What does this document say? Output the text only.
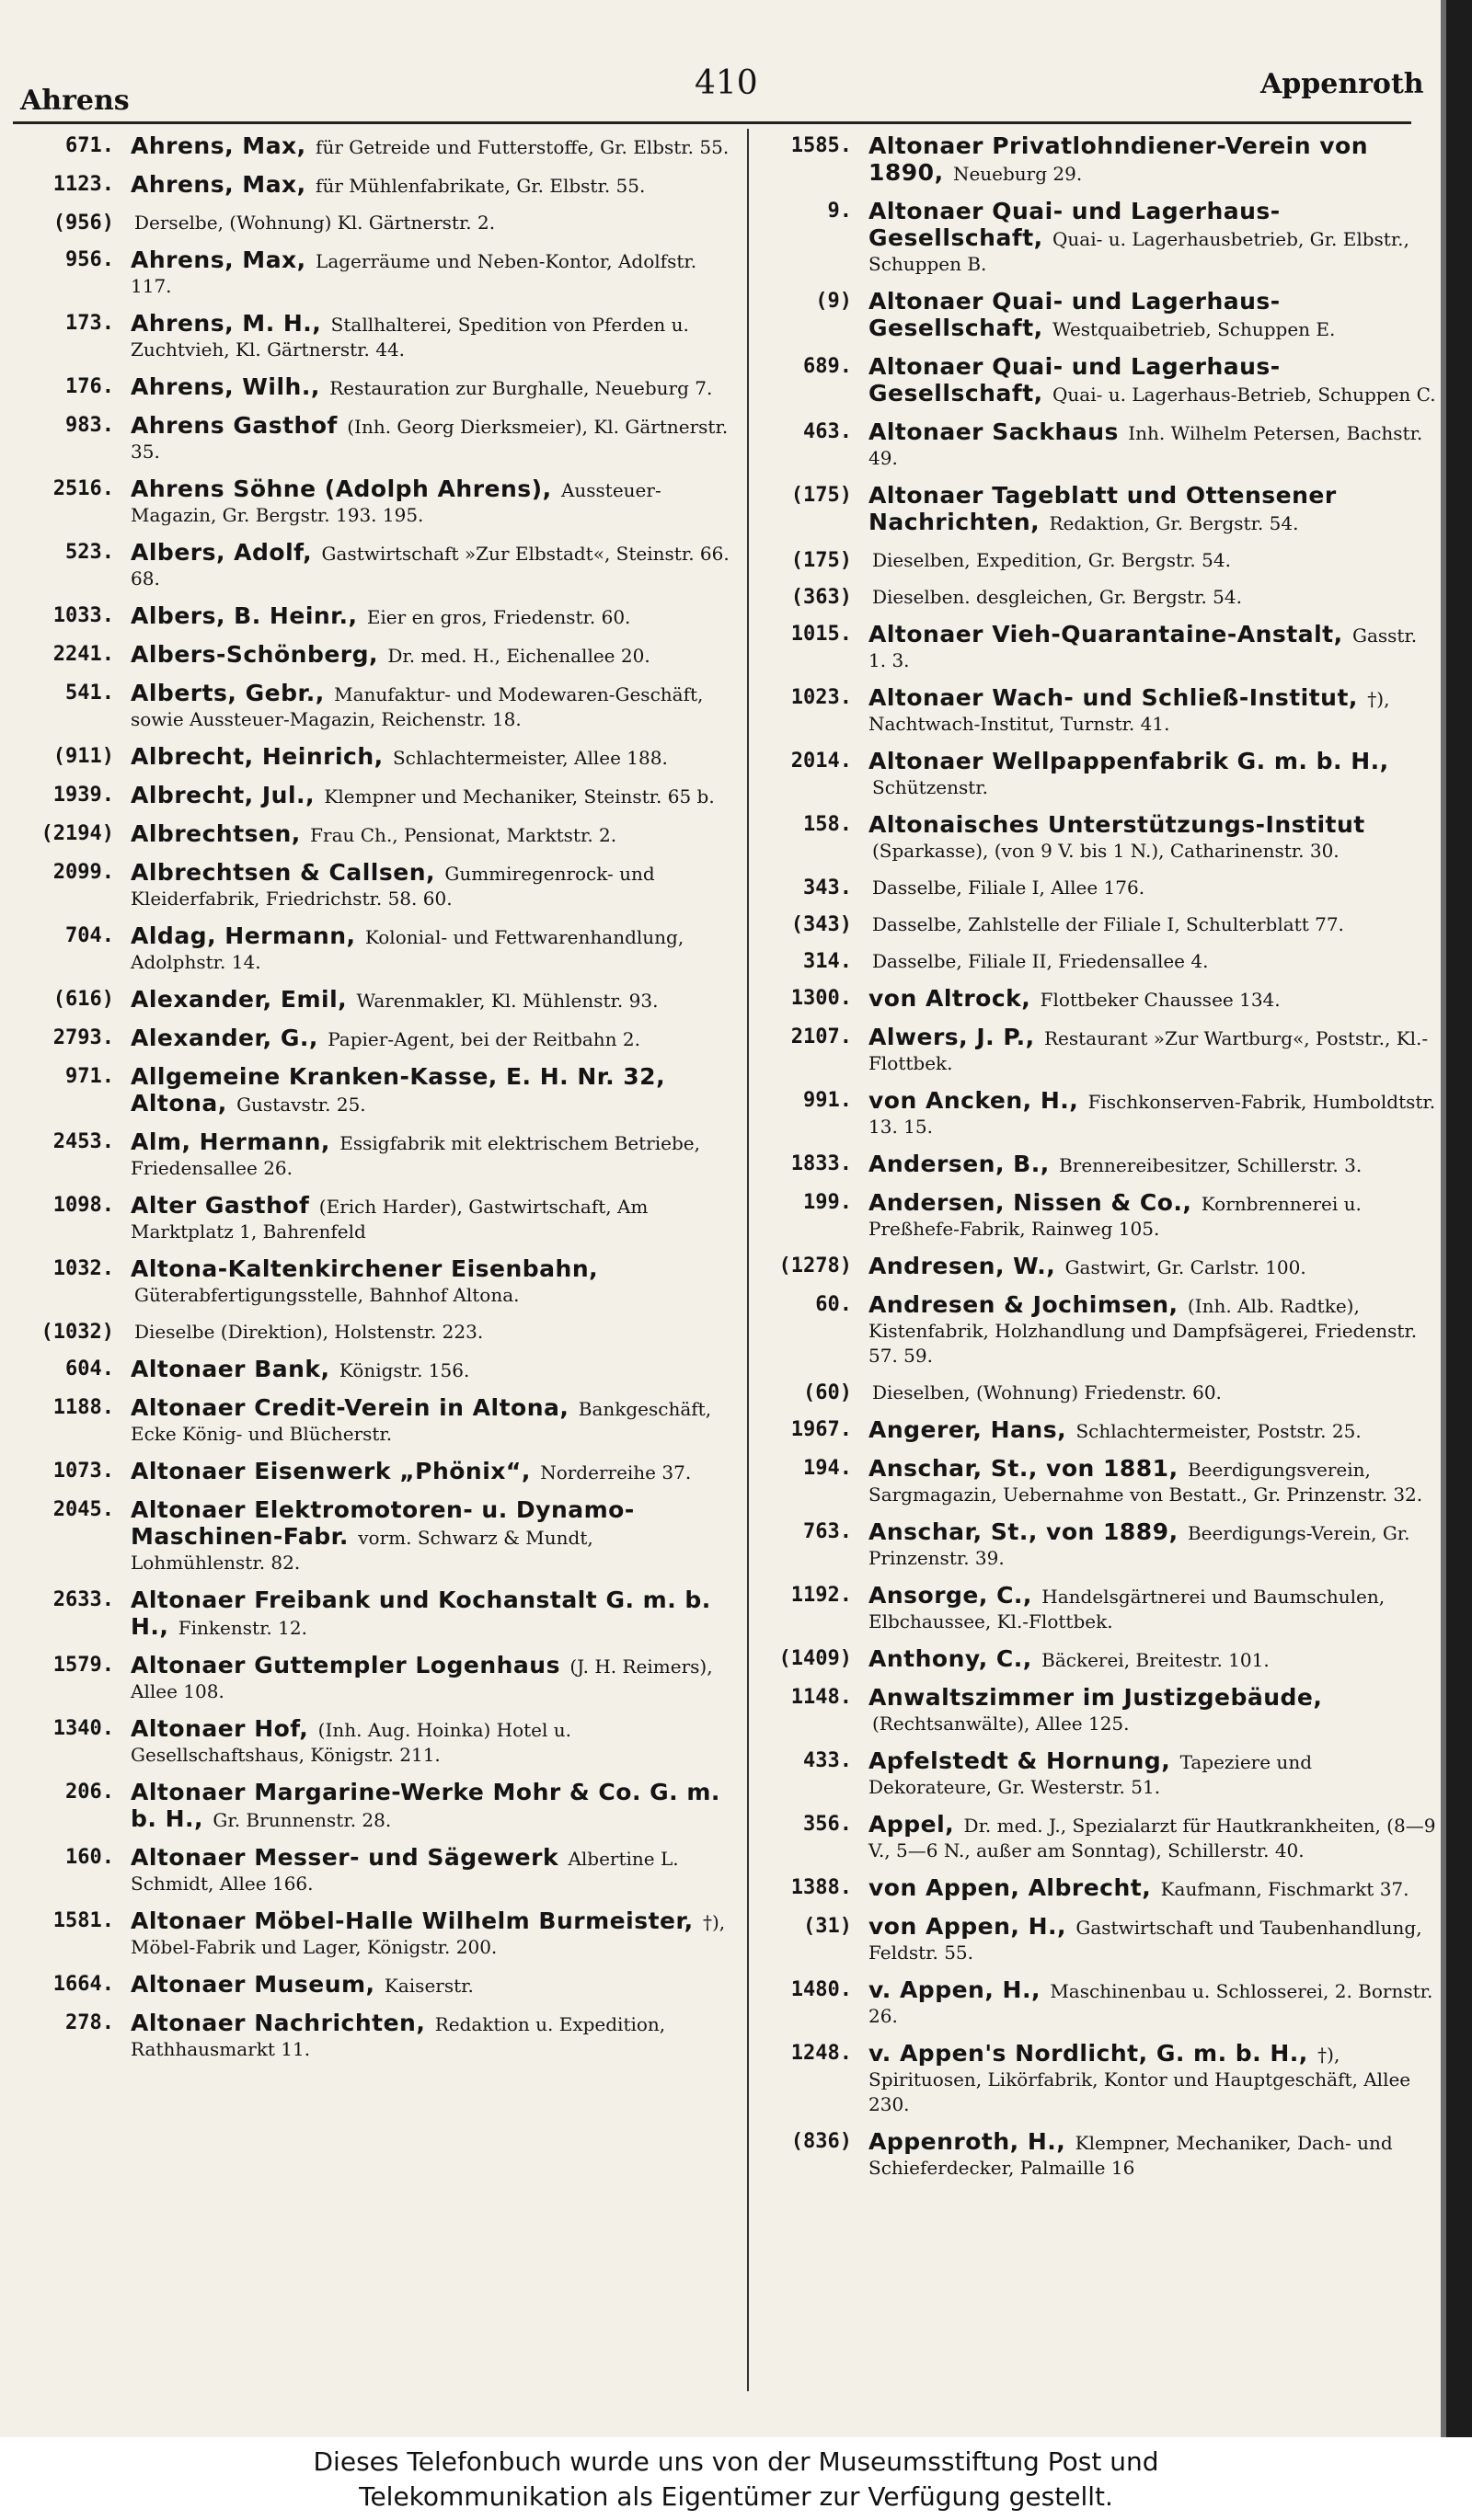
Ahrens	410	Appenroth
671. Ahrens, Max, für Getreide und Futterstoffe, Gr. Elbstr. 55.
1123. Ahrens, Max, für Mühlenfabrikate, Gr. Elbstr. 55.
(956)	Derselbe, (Wohnung) Kl. Gärtnerstr. 2.
956. Ahrens, Max, Lagerräume und Neben-Kontor, Adolfstr. 117.
173. Ahrens, M. H., Stallhalterei, Spedition von Pferden u. Zuchtvieh, Kl. Gärtnerstr. 44.
176. Ahrens, Wilh., Restauration zur Burghalle, Neueburg 7.
983. Ahrens Gasthof (Inh. Georg Dierksmeier), Kl. Gärtnerstr. 35.
2516. Ahrens Söhne (Adolph Ahrens), Aussteuer-Magazin, Gr. Bergstr. 193. 195.
523. Albers, Adolf, Gastwirtschaft »Zur Elbstadt«, Steinstr. 66. 68.
1033. Albers, B. Heinr., Eier en gros, Friedenstr. 60.
2241. Albers-Schönberg, Dr. med. H., Eichenallee 20.
541. Alberts, Gebr., Manufaktur- und Modewaren-Geschäft, sowie Aussteuer-Magazin, Reichenstr. 18.
(911) Albrecht, Heinrich, Schlachtermeister, Allee 188.
1939. Albrecht, Jul., Klempner und Mechaniker, Steinstr. 65 b.
(2194) Albrechtsen, Frau Ch., Pensionat, Marktstr. 2.
2099. Albrechtsen & Callsen, Gummiregenrock- und Kleiderfabrik, Friedrichstr. 58. 60.
704. Aldag, Hermann, Kolonial- und Fettwarenhandlung, Adolphstr. 14.
(616) Alexander, Emil, Warenmakler, Kl. Mühlenstr. 93.
2793. Alexander, G., Papier-Agent, bei der Reitbahn 2.
971. Allgemeine Kranken-Kasse, E. H. Nr. 32, Altona, Gustavstr. 25.
2453. Alm, Hermann, Essigfabrik mit elektrischem Betriebe, Friedensallee 26.
1098. Alter Gasthof (Erich Harder), Gastwirtschaft, Am Marktplatz 1, Bahrenfeld
1032. Altona-Kaltenkirchener Eisenbahn, Güterabfertigungsstelle, Bahnhof Altona.
(1032)	Dieselbe (Direktion), Holstenstr. 223.
604. Altonaer Bank, Königstr. 156.
1188. Altonaer Credit-Verein in Altona, Bankgeschäft, Ecke König- und Blücherstr.
1073. Altonaer Eisenwerk „Phönix“, Norderreihe 37.
2045. Altonaer Elektromotoren- u. Dynamo-Maschinen-Fabr. vorm. Schwarz & Mundt, Lohmühlenstr. 82.
2633. Altonaer Freibank und Kochanstalt G. m. b. H., Finkenstr. 12.
1579. Altonaer Guttempler Logenhaus (J. H. Reimers), Allee 108.
1340. Altonaer Hof, (Inh. Aug. Hoinka) Hotel u. Gesellschaftshaus, Königstr. 211.
206. Altonaer Margarine-Werke Mohr & Co. G. m. b. H., Gr. Brunnenstr. 28.
160. Altonaer Messer- und Sägewerk Albertine L. Schmidt, Allee 166.
1581. Altonaer Möbel-Halle Wilhelm Burmeister, †), Möbel-Fabrik und Lager, Königstr. 200.
1664. Altonaer Museum, Kaiserstr.
278. Altonaer Nachrichten, Redaktion u. Expedition, Rathhausmarkt 11.
1585. Altonaer Privatlohndiener-Verein von 1890, Neueburg 29.
9. Altonaer Quai- und Lagerhaus-Gesellschaft, Quai- u. Lagerhausbetrieb, Gr. Elbstr., Schuppen B.
(9) Altonaer Quai- und Lagerhaus-Gesellschaft, Westquaibetrieb, Schuppen E.
689. Altonaer Quai- und Lagerhaus-Gesellschaft, Quai- u. Lagerhaus-Betrieb, Schuppen C.
463. Altonaer Sackhaus Inh. Wilhelm Petersen, Bachstr. 49.
(175) Altonaer Tageblatt und Ottensener Nachrichten, Redaktion, Gr. Bergstr. 54.
(175)	Dieselben, Expedition, Gr. Bergstr. 54.
(363)	Dieselben. desgleichen, Gr. Bergstr. 54.
1015. Altonaer Vieh-Quarantaine-Anstalt, Gasstr. 1. 3.
1023. Altonaer Wach- und Schließ-Institut, †), Nachtwach-Institut, Turnstr. 41.
2014. Altonaer Wellpappenfabrik G. m. b. H., Schützenstr.
158. Altonaisches Unterstützungs-Institut (Sparkasse), (von 9 V. bis 1 N.), Catharinenstr. 30.
343.	Dasselbe, Filiale I, Allee 176.
(343)	Dasselbe, Zahlstelle der Filiale I, Schulterblatt 77.
314.	Dasselbe, Filiale II, Friedensallee 4.
1300. von Altrock, Flottbeker Chaussee 134.
2107. Alwers, J. P., Restaurant »Zur Wartburg«, Poststr., Kl.-Flottbek.
991. von Ancken, H., Fischkonserven-Fabrik, Humboldtstr. 13. 15.
1833. Andersen, B., Brennereibesitzer, Schillerstr. 3.
199. Andersen, Nissen & Co., Kornbrennerei u. Preßhefe-Fabrik, Rainweg 105.
(1278) Andresen, W., Gastwirt, Gr. Carlstr. 100.
60. Andresen & Jochimsen, (Inh. Alb. Radtke), Kistenfabrik, Holzhandlung und Dampfsägerei, Friedenstr. 57. 59.
(60)	Dieselben, (Wohnung) Friedenstr. 60.
1967. Angerer, Hans, Schlachtermeister, Poststr. 25.
194. Anschar, St., von 1881, Beerdigungsverein, Sargmagazin, Uebernahme von Bestatt., Gr. Prinzenstr. 32.
763. Anschar, St., von 1889, Beerdigungs-Verein, Gr. Prinzenstr. 39.
1192. Ansorge, C., Handelsgärtnerei und Baumschulen, Elbchaussee, Kl.-Flottbek.
(1409) Anthony, C., Bäckerei, Breitestr. 101.
1148. Anwaltszimmer im Justizgebäude, (Rechtsanwälte), Allee 125.
433. Apfelstedt & Hornung, Tapeziere und Dekorateure, Gr. Westerstr. 51.
356. Appel, Dr. med. J., Spezialarzt für Hautkrankheiten, (8—9 V., 5—6 N., außer am Sonntag), Schillerstr. 40.
1388. von Appen, Albrecht, Kaufmann, Fischmarkt 37.
(31) von Appen, H., Gastwirtschaft und Taubenhandlung, Feldstr. 55.
1480. v. Appen, H., Maschinenbau u. Schlosserei, 2. Bornstr. 26.
1248. v. Appen's Nordlicht, G. m. b. H., †), Spirituosen, Likörfabrik, Kontor und Hauptgeschäft, Allee 230.
(836) Appenroth, H., Klempner, Mechaniker, Dach- und Schieferdecker, Palmaille 16
Dieses Telefonbuch wurde uns von der Museumsstiftung Post und
Telekommunikation als Eigentümer zur Verfügung gestellt.
